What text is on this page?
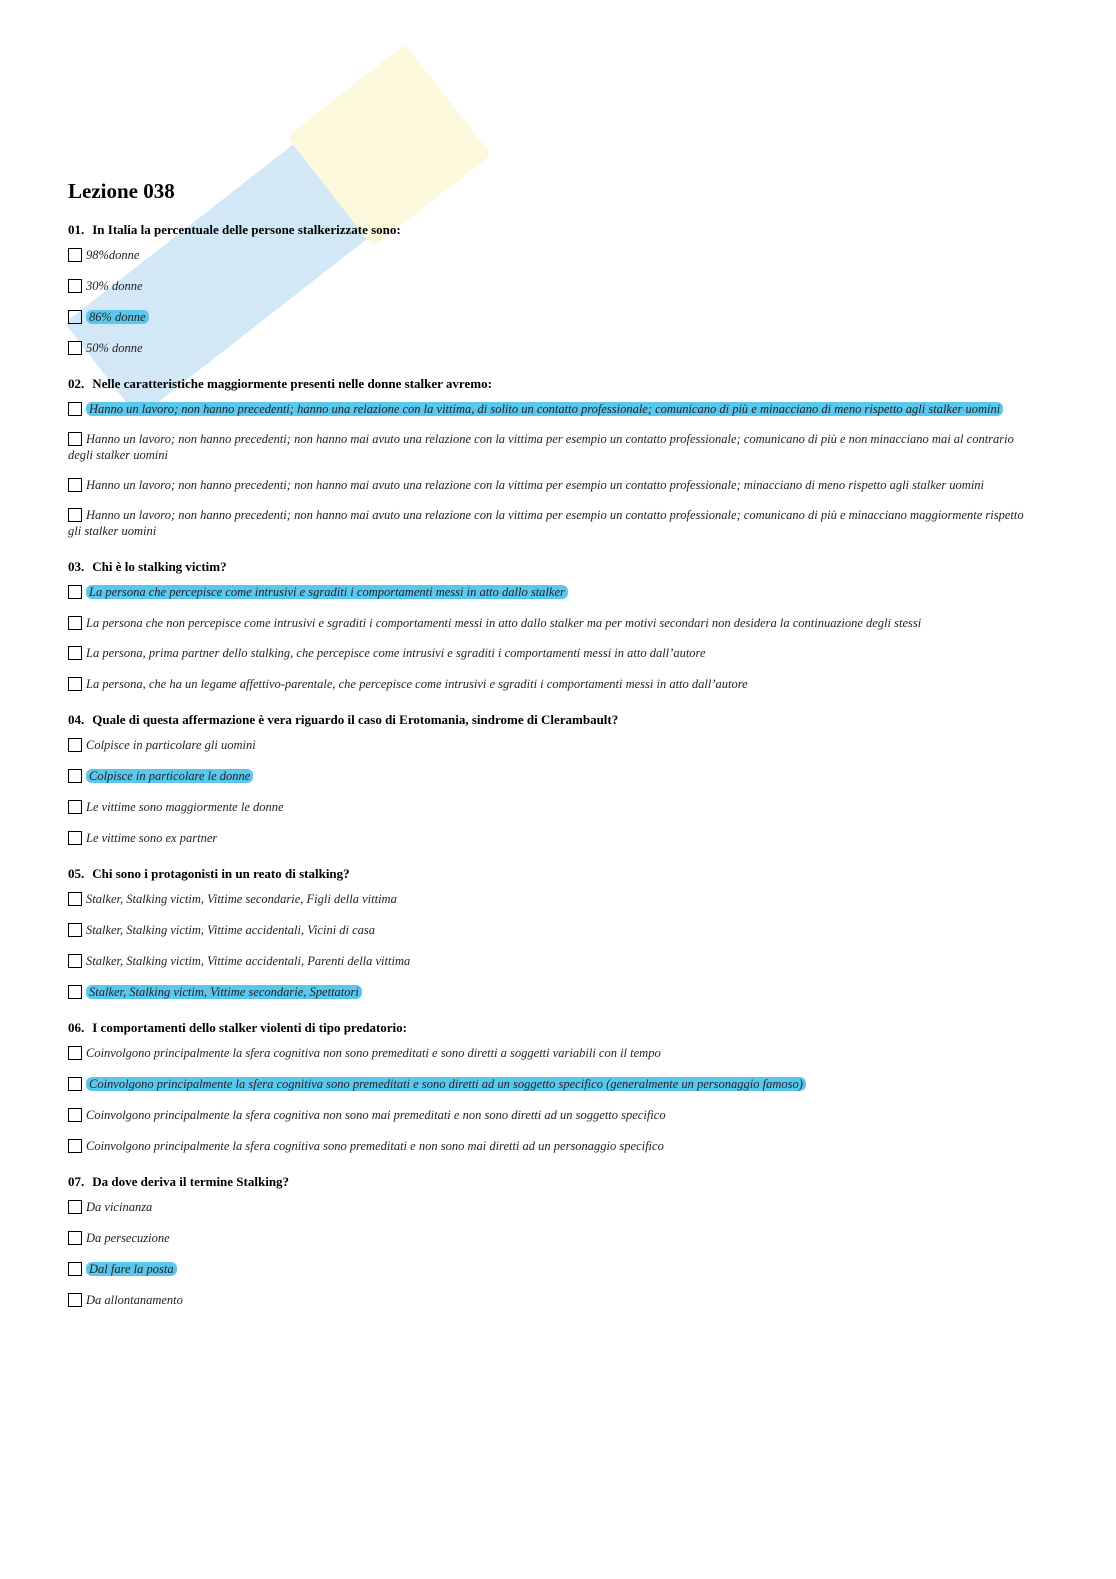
Lezione 038
01. In Italia la percentuale delle persone stalkerizzate sono:
98%donne
30% donne
86% donne
50% donne
02. Nelle caratteristiche maggiormente presenti nelle donne stalker avremo:
Hanno un lavoro; non hanno precedenti; hanno una relazione con la vittima, di solito un contatto professionale; comunicano di più e minacciano di meno rispetto agli stalker uomini
Hanno un lavoro; non hanno precedenti; non hanno mai avuto una relazione con la vittima per esempio un contatto professionale; comunicano di più e non minacciano mai al contrario degli stalker uomini
Hanno un lavoro; non hanno precedenti; non hanno mai avuto una relazione con la vittima per esempio un contatto professionale; minacciano di meno rispetto agli stalker uomini
Hanno un lavoro; non hanno precedenti; non hanno mai avuto una relazione con la vittima per esempio un contatto professionale; comunicano di più e minacciano maggiormente rispetto gli stalker uomini
03. Chi è lo stalking victim?
La persona che percepisce come intrusivi e sgraditi i comportamenti messi in atto dallo stalker
La persona che non percepisce come intrusivi e sgraditi i comportamenti messi in atto dallo stalker ma per motivi secondari non desidera la continuazione degli stessi
La persona, prima partner dello stalking, che percepisce come intrusivi e sgraditi i comportamenti messi in atto dall’autore
La persona, che ha un legame affettivo-parentale, che percepisce come intrusivi e sgraditi i comportamenti messi in atto dall’autore
04. Quale di questa affermazione è vera riguardo il caso di Erotomania, sindrome di Clerambault?
Colpisce in particolare gli uomini
Colpisce in particolare le donne
Le vittime sono maggiormente le donne
Le vittime sono ex partner
05. Chi sono i protagonisti in un reato di stalking?
Stalker, Stalking victim, Vittime secondarie, Figli della vittima
Stalker, Stalking victim, Vittime accidentali, Vicini di casa
Stalker, Stalking victim, Vittime accidentali, Parenti della vittima
Stalker, Stalking victim, Vittime secondarie, Spettatori
06. I comportamenti dello stalker violenti di tipo predatorio:
Coinvolgono principalmente la sfera cognitiva non sono premeditati e sono diretti a soggetti variabili con il tempo
Coinvolgono principalmente la sfera cognitiva sono premeditati e sono diretti ad un soggetto specifico (generalmente un personaggio famoso)
Coinvolgono principalmente la sfera cognitiva non sono mai premeditati e non sono diretti ad un soggetto specifico
Coinvolgono principalmente la sfera cognitiva sono premeditati e non sono mai diretti ad un personaggio specifico
07. Da dove deriva il termine Stalking?
Da vicinanza
Da persecuzione
Dal fare la posta
Da allontanamento
